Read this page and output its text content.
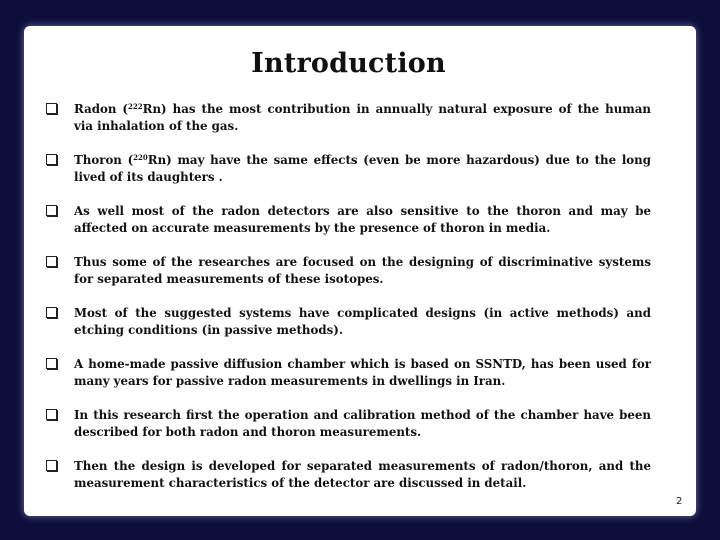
Introduction
Radon ($^{222}$Rn) has the most contribution in annually natural exposure of the human via inhalation of the gas.
Thoron ($^{220}$Rn) may have the same effects (even be more hazardous) due to the long lived of its daughters .
As well most of the radon detectors are also sensitive to the thoron and may be affected on accurate measurements by the presence of thoron in media.
Thus some of the researches are focused on the designing of discriminative systems for separated measurements of these isotopes.
Most of the suggested systems have complicated designs (in active methods) and etching conditions (in passive methods).
A home-made passive diffusion chamber which is based on SSNTD, has been used for many years for passive radon measurements in dwellings in Iran.
In this research first the operation and calibration method of the chamber have been described for both radon and thoron measurements.
Then the design is developed for separated measurements of radon/thoron, and the measurement characteristics of the detector are discussed in detail.
2
